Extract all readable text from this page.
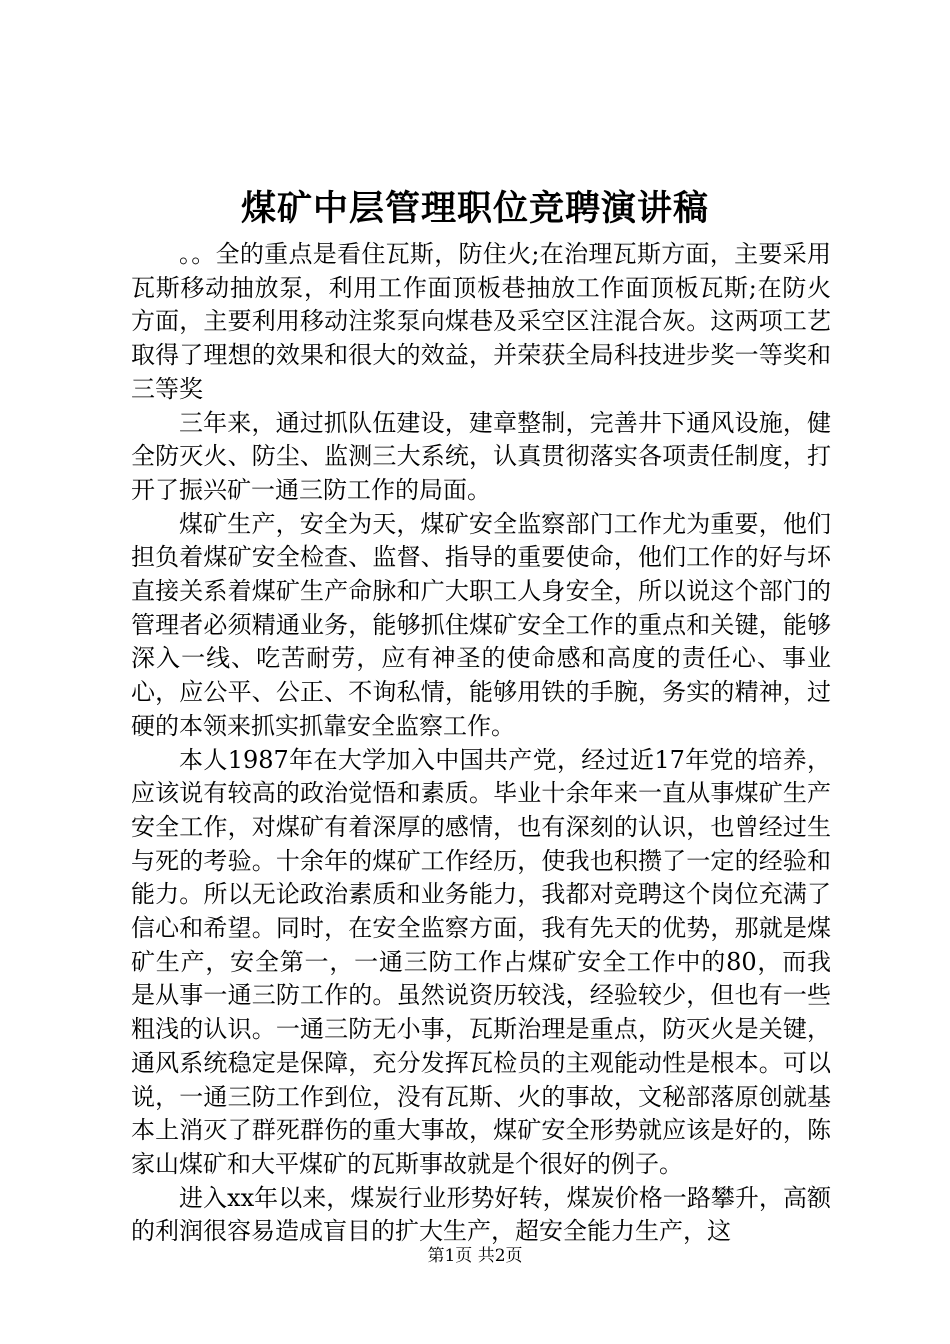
煤矿中层管理职位竞聘演讲稿

。。全的重点是看住瓦斯，防住火;在治理瓦斯方面，主要采用瓦斯移动抽放泵，利用工作面顶板巷抽放工作面顶板瓦斯;在防火方面，主要利用移动注浆泵向煤巷及采空区注混合灰。这两项工艺取得了理想的效果和很大的效益，并荣获全局科技进步奖一等奖和三等奖

三年来，通过抓队伍建设，建章整制，完善井下通风设施，健全防灭火、防尘、监测三大系统，认真贯彻落实各项责任制度，打开了振兴矿一通三防工作的局面。

煤矿生产，安全为天，煤矿安全监察部门工作尤为重要，他们担负着煤矿安全检查、监督、指导的重要使命，他们工作的好与坏直接关系着煤矿生产命脉和广大职工人身安全，所以说这个部门的管理者必须精通业务，能够抓住煤矿安全工作的重点和关键，能够深入一线、吃苦耐劳，应有神圣的使命感和高度的责任心、事业心，应公平、公正、不询私情，能够用铁的手腕，务实的精神，过硬的本领来抓实抓靠安全监察工作。

本人1987年在大学加入中国共产党，经过近17年党的培养，应该说有较高的政治觉悟和素质。毕业十余年来一直从事煤矿生产安全工作，对煤矿有着深厚的感情，也有深刻的认识，也曾经过生与死的考验。十余年的煤矿工作经历，使我也积攒了一定的经验和能力。所以无论政治素质和业务能力，我都对竞聘这个岗位充满了信心和希望。同时，在安全监察方面，我有先天的优势，那就是煤矿生产，安全第一，一通三防工作占煤矿安全工作中的80，而我是从事一通三防工作的。虽然说资历较浅，经验较少，但也有一些粗浅的认识。一通三防无小事，瓦斯治理是重点，防灭火是关键，通风系统稳定是保障，充分发挥瓦检员的主观能动性是根本。可以说，一通三防工作到位，没有瓦斯、火的事故，文秘部落原创就基本上消灭了群死群伤的重大事故，煤矿安全形势就应该是好的，陈家山煤矿和大平煤矿的瓦斯事故就是个很好的例子。

进入xx年以来，煤炭行业形势好转，煤炭价格一路攀升，高额的利润很容易造成盲目的扩大生产，超安全能力生产，这

第1页 共2页
